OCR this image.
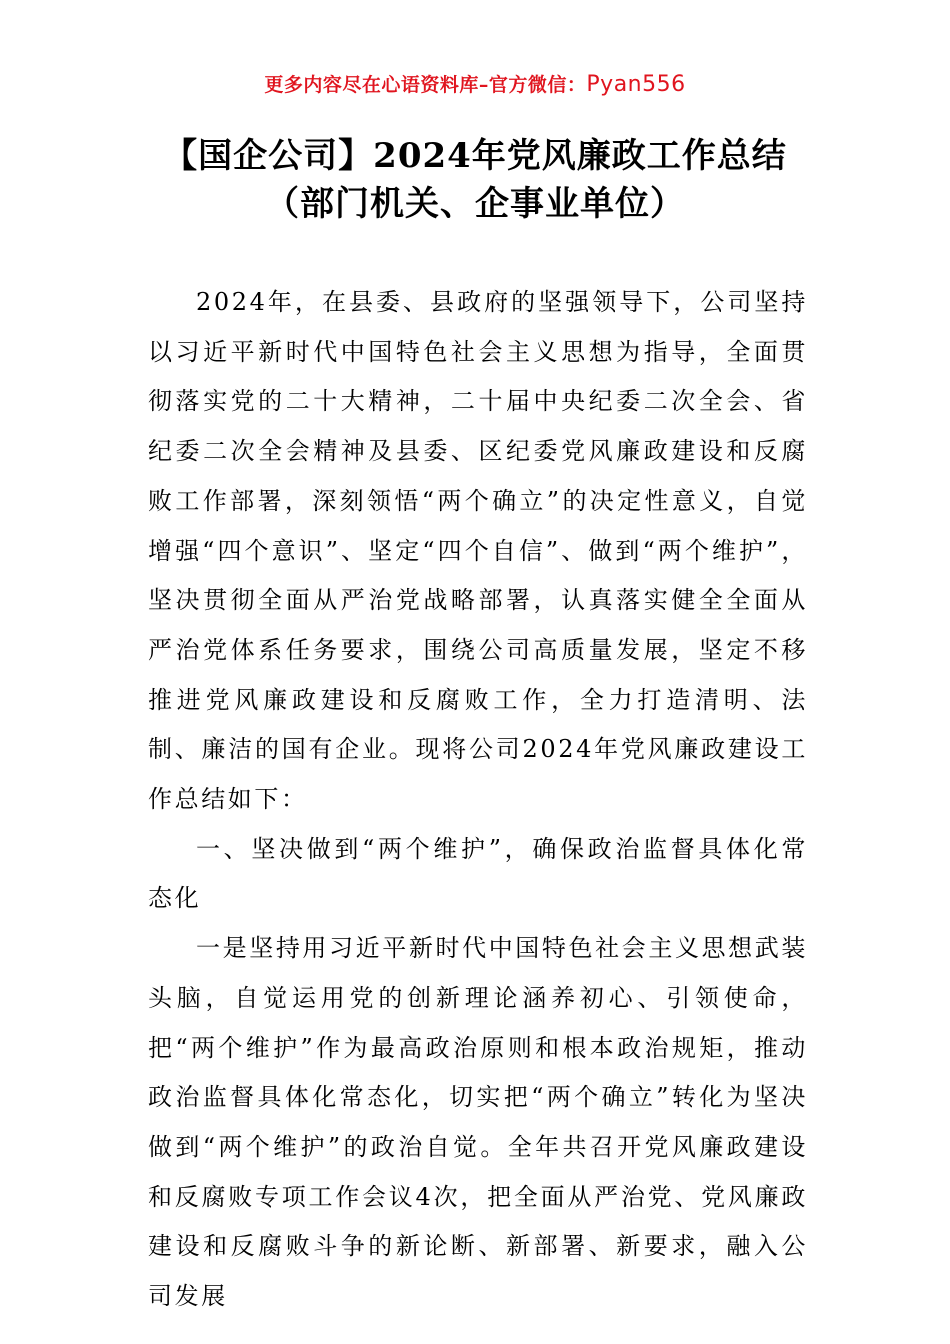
更多内容尽在心语资料库–官方微信：Pyan556
【国企公司】2024年党风廉政工作总结
（部门机关、企事业单位）

2024年，在县委、县政府的坚强领导下，公司坚持以习近平新时代中国特色社会主义思想为指导，全面贯彻落实党的二十大精神，二十届中央纪委二次全会、省纪委二次全会精神及县委、区纪委党风廉政建设和反腐败工作部署，深刻领悟“两个确立”的决定性意义，自觉增强“四个意识”、坚定“四个自信”、做到“两个维护”，坚决贯彻全面从严治党战略部署，认真落实健全全面从严治党体系任务要求，围绕公司高质量发展，坚定不移推进党风廉政建设和反腐败工作，全力打造清明、法制、廉洁的国有企业。现将公司2024年党风廉政建设工作总结如下：

一、坚决做到“两个维护”，确保政治监督具体化常态化

一是坚持用习近平新时代中国特色社会主义思想武装头脑，自觉运用党的创新理论涵养初心、引领使命，把“两个维护”作为最高政治原则和根本政治规矩，推动政治监督具体化常态化，切实把“两个确立”转化为坚决做到“两个维护”的政治自觉。全年共召开党风廉政建设和反腐败专项工作会议4次，把全面从严治党、党风廉政建设和反腐败斗争的新论断、新部署、新要求，融入公司发展
